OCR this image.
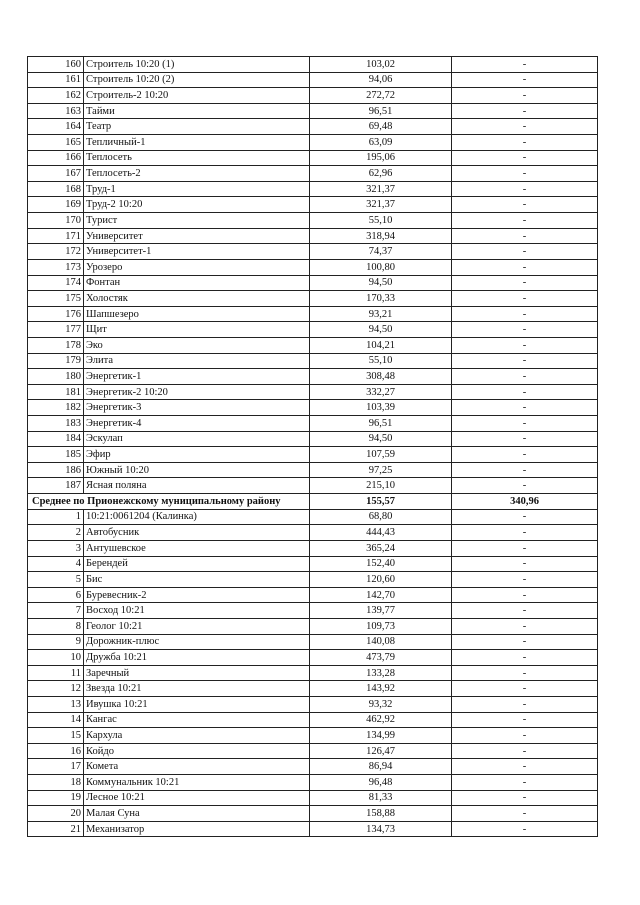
160	Строитель 10:20 (1)	103,02	-
161	Строитель 10:20 (2)	94,06	-
162	Строитель-2 10:20	272,72	-
163	Тайми	96,51	-
164	Театр	69,48	-
165	Тепличный-1	63,09	-
166	Теплосеть	195,06	-
167	Теплосеть-2	62,96	-
168	Труд-1	321,37	-
169	Труд-2 10:20	321,37	-
170	Турист	55,10	-
171	Университет	318,94	-
172	Университет-1	74,37	-
173	Урозеро	100,80	-
174	Фонтан	94,50	-
175	Холостяк	170,33	-
176	Шапшезеро	93,21	-
177	Щит	94,50	-
178	Эко	104,21	-
179	Элита	55,10	-
180	Энергетик-1	308,48	-
181	Энергетик-2 10:20	332,27	-
182	Энергетик-3	103,39	-
183	Энергетик-4	96,51	-
184	Эскулап	94,50	-
185	Эфир	107,59	-
186	Южный 10:20	97,25	-
187	Ясная поляна	215,10	-
Среднее по Прионежскому муниципальному району		155,57	340,96
1	10:21:0061204 (Калинка)	68,80	-
2	Автобусник	444,43	-
3	Антушевское	365,24	-
4	Берендей	152,40	-
5	Бис	120,60	-
6	Буревесник-2	142,70	-
7	Восход 10:21	139,77	-
8	Геолог 10:21	109,73	-
9	Дорожник-плюс	140,08	-
10	Дружба 10:21	473,79	-
11	Заречный	133,28	-
12	Звезда 10:21	143,92	-
13	Ивушка 10:21	93,32	-
14	Кангас	462,92	-
15	Кархула	134,99	-
16	Койдо	126,47	-
17	Комета	86,94	-
18	Коммунальник 10:21	96,48	-
19	Лесное 10:21	81,33	-
20	Малая Суна	158,88	-
21	Механизатор	134,73	-
